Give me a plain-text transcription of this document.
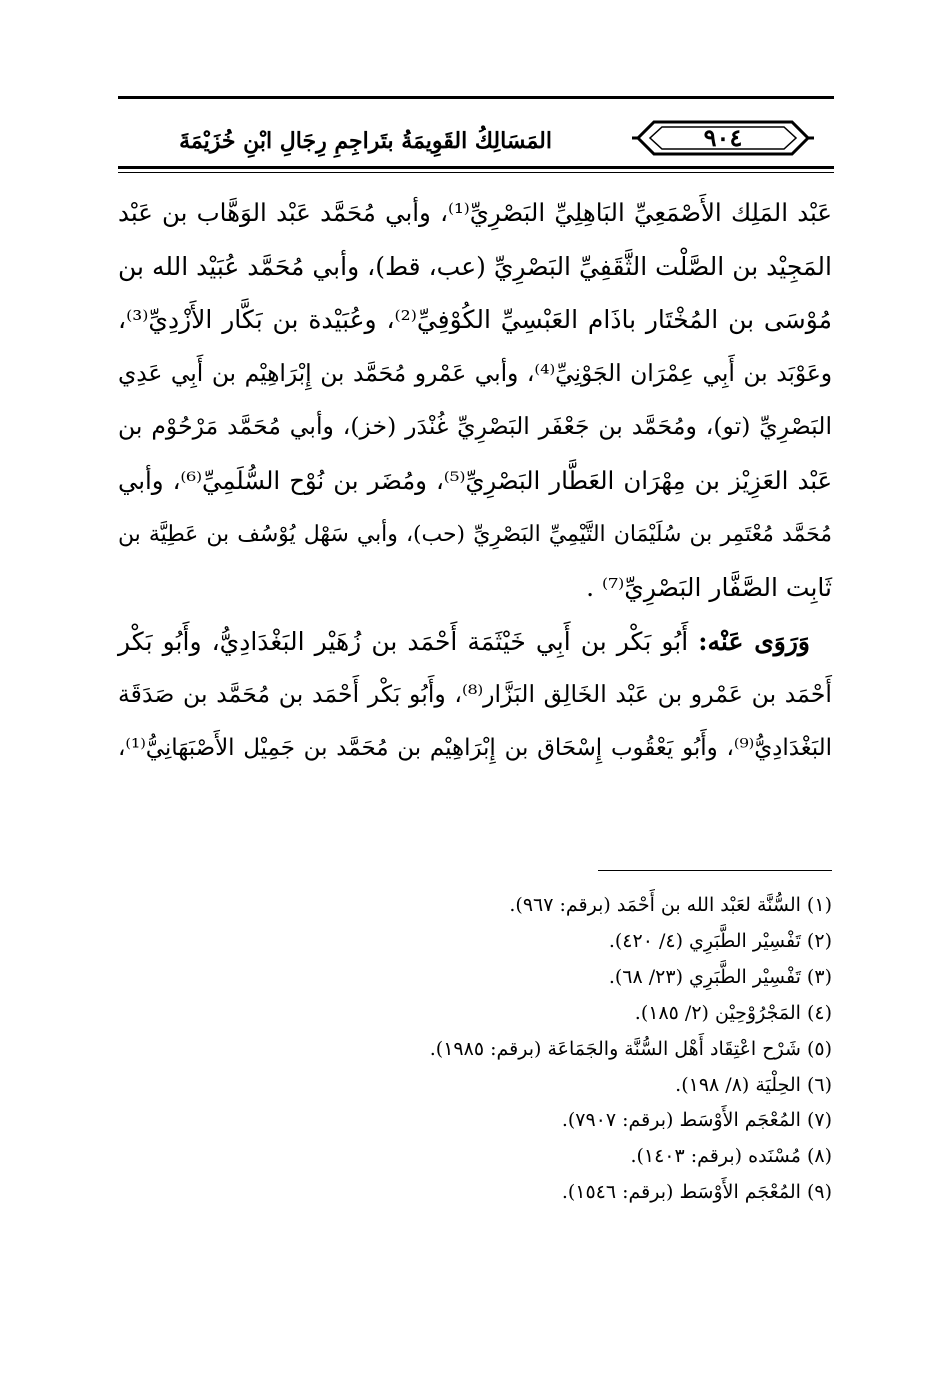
المَسَالِكُ القَوِيمَةُ بتَراجِمِ رِجَالِ ابْنِ خُزَيْمَةَ	٩٠٤
عَبْد المَلِك الأَصْمَعِيِّ البَاهِلِيِّ البَصْرِيِّ⁽¹⁾، وأبي مُحَمَّد عَبْد الوَهَّاب بن عَبْد
المَجِيْد بن الصَّلْت الثَّقَفِيِّ البَصْرِيِّ (عب، قط)، وأبي مُحَمَّد عُبَيْد الله بن
مُوْسَى بن المُخْتَار باذَام العَبْسِيِّ الكُوْفِيِّ⁽²⁾، وعُبَيْدة بن بَكَّار الأَزْدِيِّ⁽³⁾،
وعَوْبَد بن أَبِي عِمْرَان الجَوْنِيِّ⁽⁴⁾، وأبي عَمْرو مُحَمَّد بن إِبْرَاهِيْم بن أَبِي عَدِي
البَصْرِيِّ (تو)، ومُحَمَّد بن جَعْفَر البَصْرِيِّ غُنْدَر (خز)، وأبي مُحَمَّد مَرْحُوْم بن
عَبْد العَزِيْز بن مِهْرَان العَطَّار البَصْرِيِّ⁽⁵⁾، ومُضَر بن نُوْح السُّلَمِيِّ⁽⁶⁾، وأبي
مُحَمَّد مُعْتَمِر بن سُلَيْمَان التَّيْمِيِّ البَصْرِيِّ (حب)، وأبي سَهْل يُوْسُف بن عَطِيَّة بن
ثَابِت الصَّفَّار البَصْرِيِّ⁽⁷⁾ .
وَرَوَى عَنْه: أَبُو بَكْر بن أَبِي خَيْثَمَة أَحْمَد بن زُهَيْر البَغْدَادِيُّ، وأَبُو بَكْر
أَحْمَد بن عَمْرو بن عَبْد الخَالِق البَزَّار⁽⁸⁾، وأَبُو بَكْر أَحْمَد بن مُحَمَّد بن صَدَقَة
البَغْدَادِيُّ⁽⁹⁾، وأَبُو يَعْقُوب إِسْحَاق بن إِبْرَاهِيْم بن مُحَمَّد بن جَمِيْل الأَصْبَهَانِيُّ⁽¹⁾،
(١) السُّنَّة لعَبْد الله بن أَحْمَد (برقم: ٩٦٧).
(٢) تَفْسِيْر الطَّبَرِي (٤/ ٤٢٠).
(٣) تَفْسِيْر الطَّبَرِي (٢٣/ ٦٨).
(٤) المَجْرُوْحِيْن (٢/ ١٨٥).
(٥) شَرْح اعْتِقَاد أَهْل السُّنَّة والجَمَاعَة (برقم: ١٩٨٥).
(٦) الحِلْيَة (٨/ ١٩٨).
(٧) المُعْجَم الأَوْسَط (برقم: ٧٩٠٧).
(٨) مُسْنَده (برقم: ١٤٠٣).
(٩) المُعْجَم الأَوْسَط (برقم: ١٥٤٦).
